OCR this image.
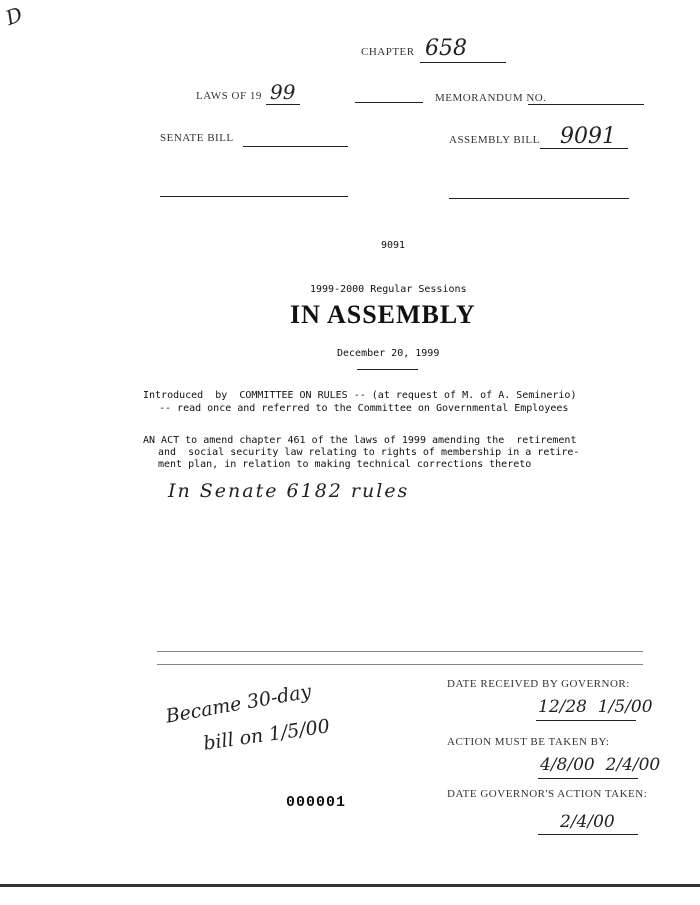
D
CHAPTER 658
LAWS OF 19 99	MEMORANDUM NO.
SENATE BILL	ASSEMBLY BILL 9091
9091
1999-2000 Regular Sessions
IN ASSEMBLY
December 20, 1999
Introduced  by  COMMITTEE ON RULES -- (at request of M. of A. Seminerio)
-- read once and referred to the Committee on Governmental Employees
AN ACT to amend chapter 461 of the laws of 1999 amending the  retirement
and  social security law relating to rights of membership in a retire-
ment plan, in relation to making technical corrections thereto
In Senate 6182 rules
DATE RECEIVED BY GOVERNOR:
12/28  1/5/00
ACTION MUST BE TAKEN BY:
4/8/00  2/4/00
DATE GOVERNOR'S ACTION TAKEN:
2/4/00
Became 30-day
bill on 1/5/00
000001
